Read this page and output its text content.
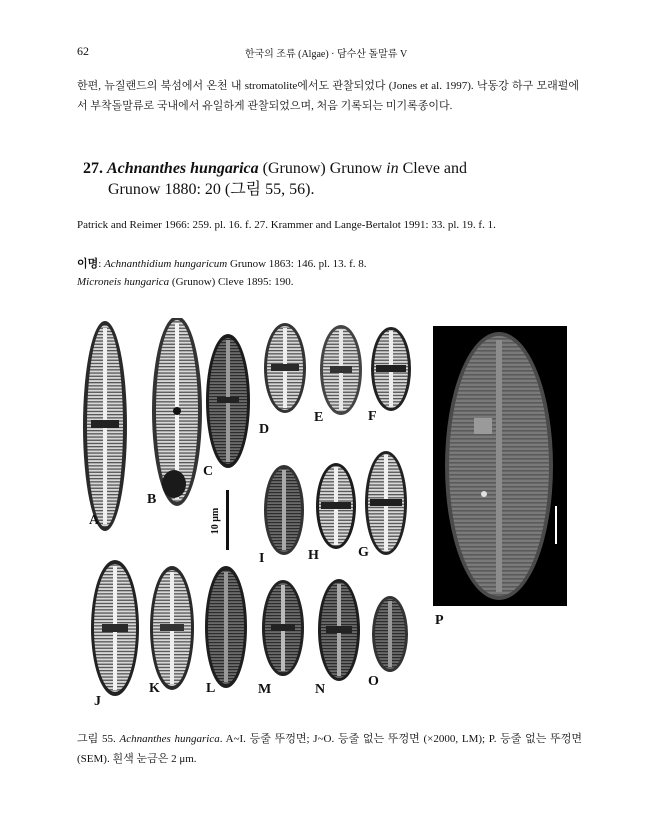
62	한국의 조류 (Algae) · 담수산 돌말류 V
한편, 뉴질랜드의 북섬에서 온천 내 stromatolite에서도 관찰되었다 (Jones et al. 1997). 낙동강 하구 모래펄에서 부착돌말류로 국내에서 유일하게 관찰되었으며, 처음 기록되는 미기록종이다.
27. Achnanthes hungarica (Grunow) Grunow in Cleve and
Grunow 1880: 20 (그림 55, 56).
Patrick and Reimer 1966: 259. pl. 16. f. 27. Krammer and Lange-Bertalot 1991: 33. pl. 19. f. 1.
이명: Achnanthidium hungaricum Grunow 1863: 146. pl. 13. f. 8.
Microneis hungarica (Grunow) Cleve 1895: 190.
10 μm
A
B
C
D
E	F
G
H
I
J
K	L	M	N
O
P
그림 55. Achnanthes hungarica. A~I. 등줄 뚜껑면; J~O. 등줄 없는 뚜껑면 (×2000, LM); P. 등줄 없는 뚜껑면(SEM). 흰색 눈금은 2 μm.
